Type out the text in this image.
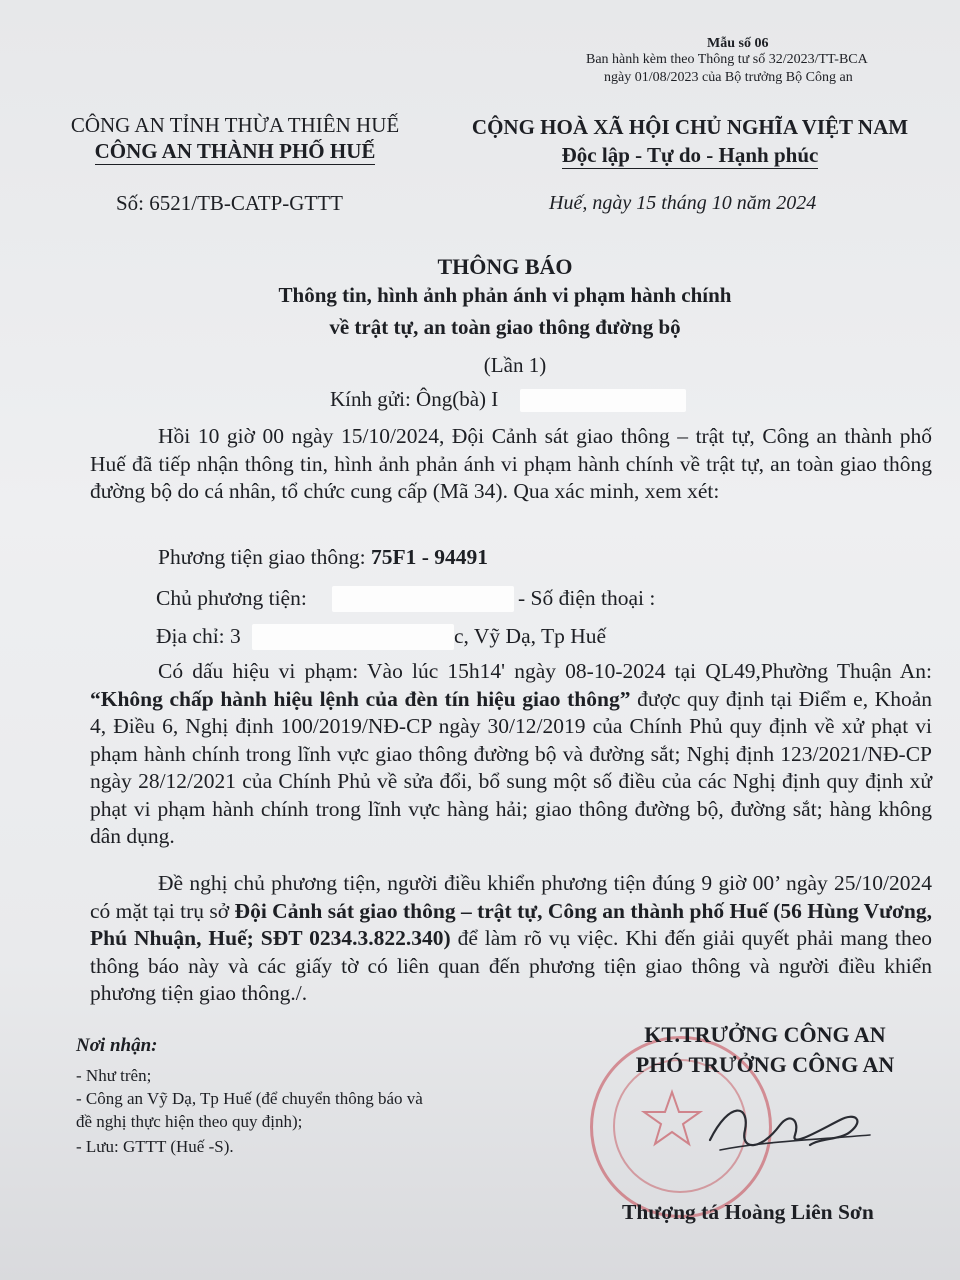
Mẫu số 06
Ban hành kèm theo Thông tư số 32/2023/TT-BCA
ngày 01/08/2023 của Bộ trưởng Bộ Công an
CÔNG AN TỈNH THỪA THIÊN HUẾ
CÔNG AN THÀNH PHỐ HUẾ
Số: 6521/TB-CATP-GTTT
CỘNG HOÀ XÃ HỘI CHỦ NGHĨA VIỆT NAM
Độc lập - Tự do - Hạnh phúc
Huế, ngày 15 tháng 10 năm 2024
THÔNG BÁO
Thông tin, hình ảnh phản ánh vi phạm hành chính
về trật tự, an toàn giao thông đường bộ
(Lần 1)
Kính gửi: Ông(bà) I
Hồi 10 giờ 00 ngày 15/10/2024, Đội Cảnh sát giao thông – trật tự, Công an thành phố Huế đã tiếp nhận thông tin, hình ảnh phản ánh vi phạm hành chính về trật tự, an toàn giao thông đường bộ do cá nhân, tổ chức cung cấp (Mã 34). Qua xác minh, xem xét:
Phương tiện giao thông: 75F1 - 94491
Chủ phương tiện:	- Số điện thoại :
Địa chỉ: 3	c, Vỹ Dạ, Tp Huế
Có dấu hiệu vi phạm: Vào lúc 15h14' ngày 08-10-2024 tại QL49,Phường Thuận An: “Không chấp hành hiệu lệnh của đèn tín hiệu giao thông” được quy định tại Điểm e, Khoản 4, Điều 6, Nghị định 100/2019/NĐ-CP ngày 30/12/2019 của Chính Phủ quy định về xử phạt vi phạm hành chính trong lĩnh vực giao thông đường bộ và đường sắt; Nghị định 123/2021/NĐ-CP ngày 28/12/2021 của Chính Phủ về sửa đổi, bổ sung một số điều của các Nghị định quy định xử phạt vi phạm hành chính trong lĩnh vực hàng hải; giao thông đường bộ, đường sắt; hàng không dân dụng.
Đề nghị chủ phương tiện, người điều khiển phương tiện đúng 9 giờ 00’ ngày 25/10/2024 có mặt tại trụ sở Đội Cảnh sát giao thông – trật tự, Công an thành phố Huế (56 Hùng Vương, Phú Nhuận, Huế; SĐT 0234.3.822.340) để làm rõ vụ việc. Khi đến giải quyết phải mang theo thông báo này và các giấy tờ có liên quan đến phương tiện giao thông và người điều khiển phương tiện giao thông./.
Nơi nhận:
- Như trên;
- Công an Vỹ Dạ, Tp Huế (để chuyển thông báo và
đề nghị thực hiện theo quy định);
- Lưu: GTTT (Huế -S).
KT.TRƯỞNG CÔNG AN
PHÓ TRƯỞNG CÔNG AN
Thượng tá Hoàng Liên Sơn
